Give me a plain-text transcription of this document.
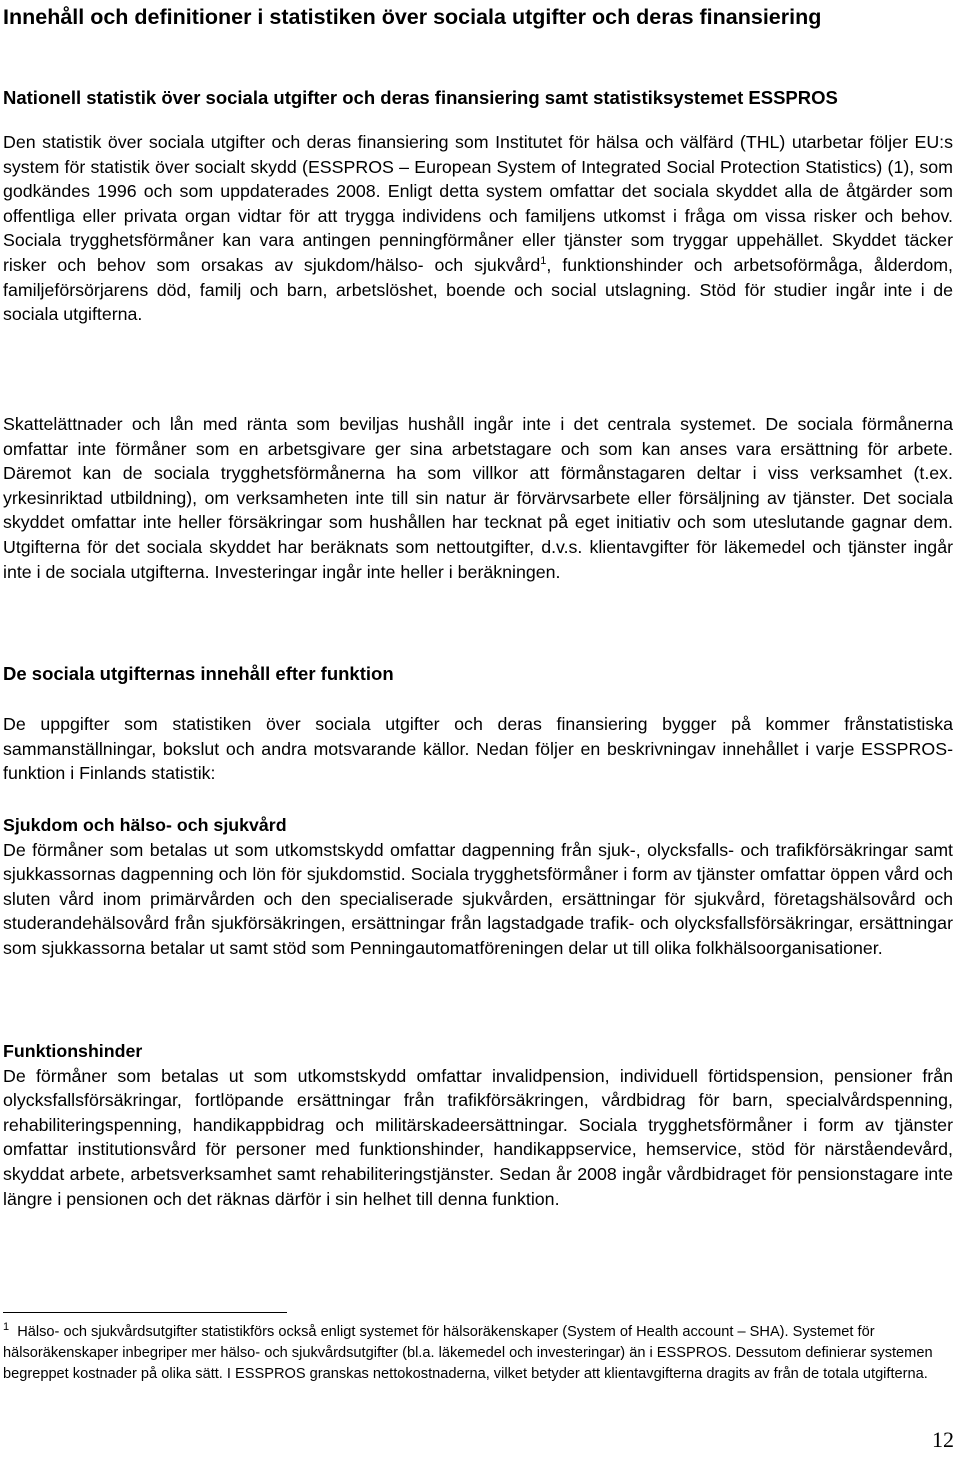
Innehåll och definitioner i statistiken över sociala utgifter och deras finansiering
Nationell statistik över sociala utgifter och deras finansiering samt statistiksystemet ESSPROS

Den statistik över sociala utgifter och deras finansiering som Institutet för hälsa och välfärd (THL) utarbetar följer EU:s system för statistik över socialt skydd (ESSPROS – European System of Integrated Social Protection Statistics) (1), som godkändes 1996 och som uppdaterades 2008. Enligt detta system omfattar det sociala skyddet alla de åtgärder som offentliga eller privata organ vidtar för att trygga individens och familjens utkomst i fråga om vissa risker och behov. Sociala trygghetsförmåner kan vara antingen penningförmåner eller tjänster som tryggar uppehället. Skyddet täcker risker och behov som orsakas av sjukdom/hälso- och sjukvård$^1$, funktionshinder och arbetsoförmåga, ålderdom, familjeförsörjarens död, familj och barn, arbetslöshet, boende och social utslagning. Stöd för studier ingår inte i de sociala utgifterna.

Skattelättnader och lån med ränta som beviljas hushåll ingår inte i det centrala systemet. De sociala förmånerna omfattar inte förmåner som en arbetsgivare ger sina arbetstagare och som kan anses vara ersättning för arbete. Däremot kan de sociala trygghetsförmånerna ha som villkor att förmånstagaren deltar i viss verksamhet (t.ex. yrkesinriktad utbildning), om verksamheten inte till sin natur är förvärvsarbete eller försäljning av tjänster. Det sociala skyddet omfattar inte heller försäkringar som hushållen har tecknat på eget initiativ och som uteslutande gagnar dem. Utgifterna för det sociala skyddet har beräknats som nettoutgifter, d.v.s. klientavgifter för läkemedel och tjänster ingår inte i de sociala utgifterna. Investeringar ingår inte heller i beräkningen.

De sociala utgifternas innehåll efter funktion

De uppgifter som statistiken över sociala utgifter och deras finansiering bygger på kommer frånstatistiska sammanställningar, bokslut och andra motsvarande källor. Nedan följer en beskrivningav innehållet i varje ESSPROS-funktion i Finlands statistik:

Sjukdom och hälso- och sjukvård
De förmåner som betalas ut som utkomstskydd omfattar dagpenning från sjuk-, olycksfalls- och trafikförsäkringar samt sjukkassornas dagpenning och lön för sjukdomstid. Sociala trygghetsförmåner i form av tjänster omfattar öppen vård och sluten vård inom primärvården och den specialiserade sjukvården, ersättningar för sjukvård, företagshälsovård och studerandehälsovård från sjukförsäkringen, ersättningar från lagstadgade trafik- och olycksfallsförsäkringar, ersättningar som sjukkassorna betalar ut samt stöd som Penningautomatföreningen delar ut till olika folkhälsoorganisationer.
Funktionshinder
De förmåner som betalas ut som utkomstskydd omfattar invalidpension, individuell förtidspension, pensioner från olycksfallsförsäkringar, fortlöpande ersättningar från trafikförsäkringen, vårdbidrag för barn, specialvårdspenning, rehabiliteringspenning, handikappbidrag och militärskadeersättningar. Sociala trygghetsförmåner i form av tjänster omfattar institutionsvård för personer med funktionshinder, handikappservice, hemservice, stöd för närståendevård, skyddat arbete, arbetsverksamhet samt rehabiliteringstjänster. Sedan år 2008 ingår vårdbidraget för pensionstagare inte längre i pensionen och det räknas därför i sin helhet till denna funktion.

$^1$ Hälso- och sjukvårdsutgifter statistikförs också enligt systemet för hälsoräkenskaper (System of Health account – SHA). Systemet för hälsoräkenskaper inbegriper mer hälso- och sjukvårdsutgifter (bl.a. läkemedel och investeringar) än i ESSPROS. Dessutom definierar systemen begreppet kostnader på olika sätt. I ESSPROS granskas nettokostnaderna, vilket betyder att klientavgifterna dragits av från de totala utgifterna.

12
